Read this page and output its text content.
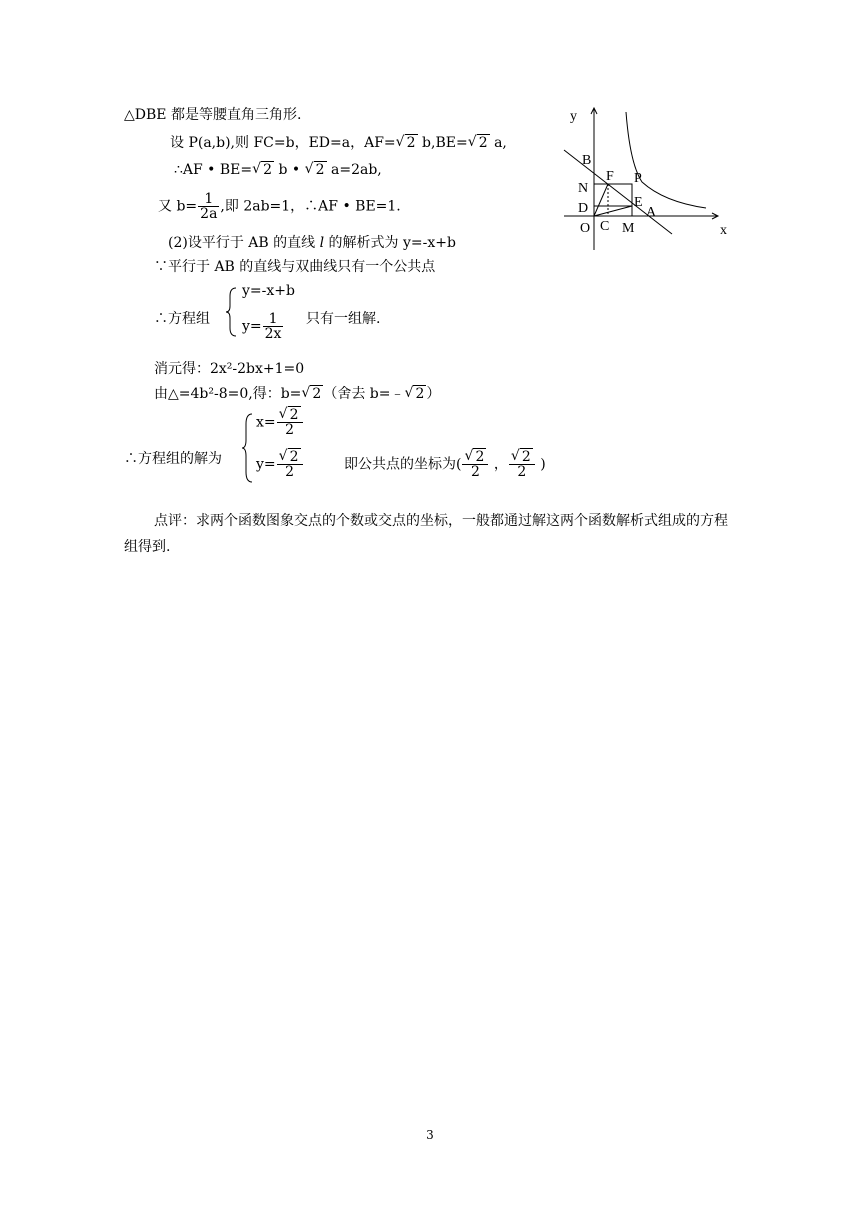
△DBE 都是等腰直角三角形.
设 P(a,b),则 FC=b，ED=a，AF= √ 2 b,BE= √ 2 a,
∴AF • BE= √ 2 b • √ 2 a=2ab,
又 $b= \frac{1}{2a}$ ,即 2ab=1，∴AF • BE=1.
(2)设平行于 AB 的直线 l 的解析式为 y=-x+b
∵平行于 AB 的直线与双曲线只有一个公共点
∴方程组
y=-x+b
$y= \frac{1}{2x}$ 只有一组解.
消元得：2x²-2bx+1=0
由△=4b²-8=0,得：b= √ 2 （舍去 b=﹣ √ 2 ）
∴方程组的解为
x= √ $\frac{2}{2}$
y= √ $\frac{2}{2}$	即公共点的坐标为( √ $\frac{2}{2}$ ， √ $\frac{2}{2}$ )
点评：求两个函数图象交点的个数或交点的坐标，一般都通过解这两个函数解析式组成的方程
组得到.
y
x
B
F P
N
D	E
A
O C M
3
